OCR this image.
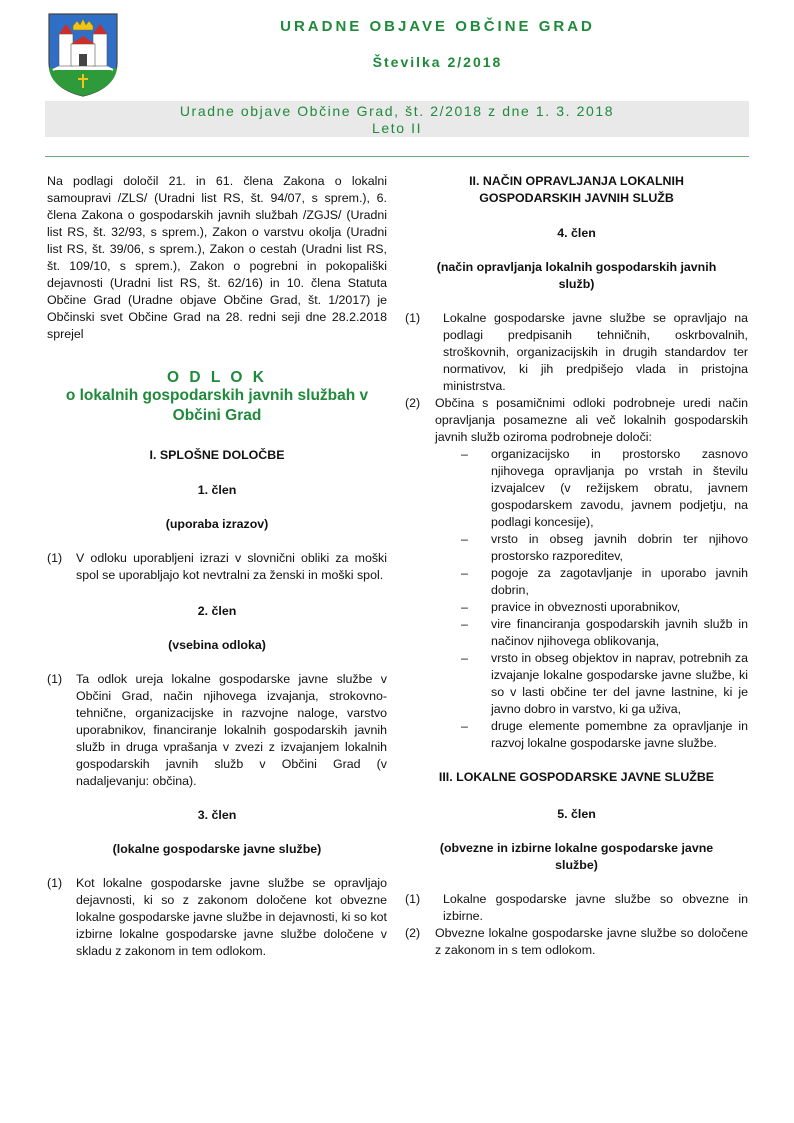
URADNE OBJAVE OBČINE GRAD
Številka 2/2018
Uradne objave Občine Grad, št. 2/2018 z dne 1. 3. 2018
Leto II

Na podlagi določil 21. in 61. člena Zakona o lokalni samoupravi /ZLS/ (Uradni list RS, št. 94/07, s sprem.), 6. člena Zakona o gospodarskih javnih službah /ZGJS/ (Uradni list RS, št. 32/93, s sprem.), Zakon o varstvu okolja (Uradni list RS, št. 39/06, s sprem.), Zakon o cestah (Uradni list RS, št. 109/10, s sprem.), Zakon o pogrebni in pokopališki dejavnosti (Uradni list RS, št. 62/16) in 10. člena Statuta Občine Grad (Uradne objave Občine Grad, št. 1/2017) je Občinski svet Občine Grad na 28. redni seji dne 28.2.2018 sprejel

O D L O K
o lokalnih gospodarskih javnih službah v
Občini Grad

I. SPLOŠNE DOLOČBE

1. člen

(uporaba izrazov)

(1)	V odloku uporabljeni izrazi v slovnični obliki za moški spol se uporabljajo kot nevtralni za ženski in moški spol.

2. člen

(vsebina odloka)

(1)	Ta odlok ureja lokalne gospodarske javne službe v Občini Grad, način njihovega izvajanja, strokovno-tehnične, organizacijske in razvojne naloge, varstvo uporabnikov, financiranje lokalnih gospodarskih javnih služb in druga vprašanja v zvezi z izvajanjem lokalnih gospodarskih javnih služb v Občini Grad (v nadaljevanju: občina).

3. člen

(lokalne gospodarske javne službe)

(1)	Kot lokalne gospodarske javne službe se opravljajo dejavnosti, ki so z zakonom določene kot obvezne lokalne gospodarske javne službe in dejavnosti, ki so kot izbirne lokalne gospodarske javne službe določene v skladu z zakonom in tem odlokom.

II. NAČIN OPRAVLJANJA LOKALNIH

GOSPODARSKIH JAVNIH SLUŽB

4. člen

(način opravljanja lokalnih gospodarskih javnih

služb)

(1)	Lokalne gospodarske javne službe se opravljajo na podlagi predpisanih tehničnih, oskrbovalnih, stroškovnih, organizacijskih in drugih standardov ter normativov, ki jih predpišejo vlada in pristojna ministrstva.
(2)	Občina s posamičnimi odloki podrobneje uredi način opravljanja posamezne ali več lokalnih gospodarskih javnih služb oziroma podrobneje določi:
–	organizacijsko in prostorsko zasnovo njihovega opravljanja po vrstah in številu izvajalcev (v režijskem obratu, javnem gospodarskem zavodu, javnem podjetju, na podlagi koncesije),
–	vrsto in obseg javnih dobrin ter njihovo prostorsko razporeditev,
–	pogoje za zagotavljanje in uporabo javnih dobrin,
–	pravice in obveznosti uporabnikov,
–	vire financiranja gospodarskih javnih služb in načinov njihovega oblikovanja,
–	vrsto in obseg objektov in naprav, potrebnih za izvajanje lokalne gospodarske javne službe, ki so v lasti občine ter del javne lastnine, ki je javno dobro in varstvo, ki ga uživa,
–	druge elemente pomembne za opravljanje in razvoj lokalne gospodarske javne službe.

III. LOKALNE GOSPODARSKE JAVNE SLUŽBE

5. člen

(obvezne in izbirne lokalne gospodarske javne

službe)

(1)	Lokalne gospodarske javne službe so obvezne in izbirne.
(2)	Obvezne lokalne gospodarske javne službe so določene z zakonom in s tem odlokom.
